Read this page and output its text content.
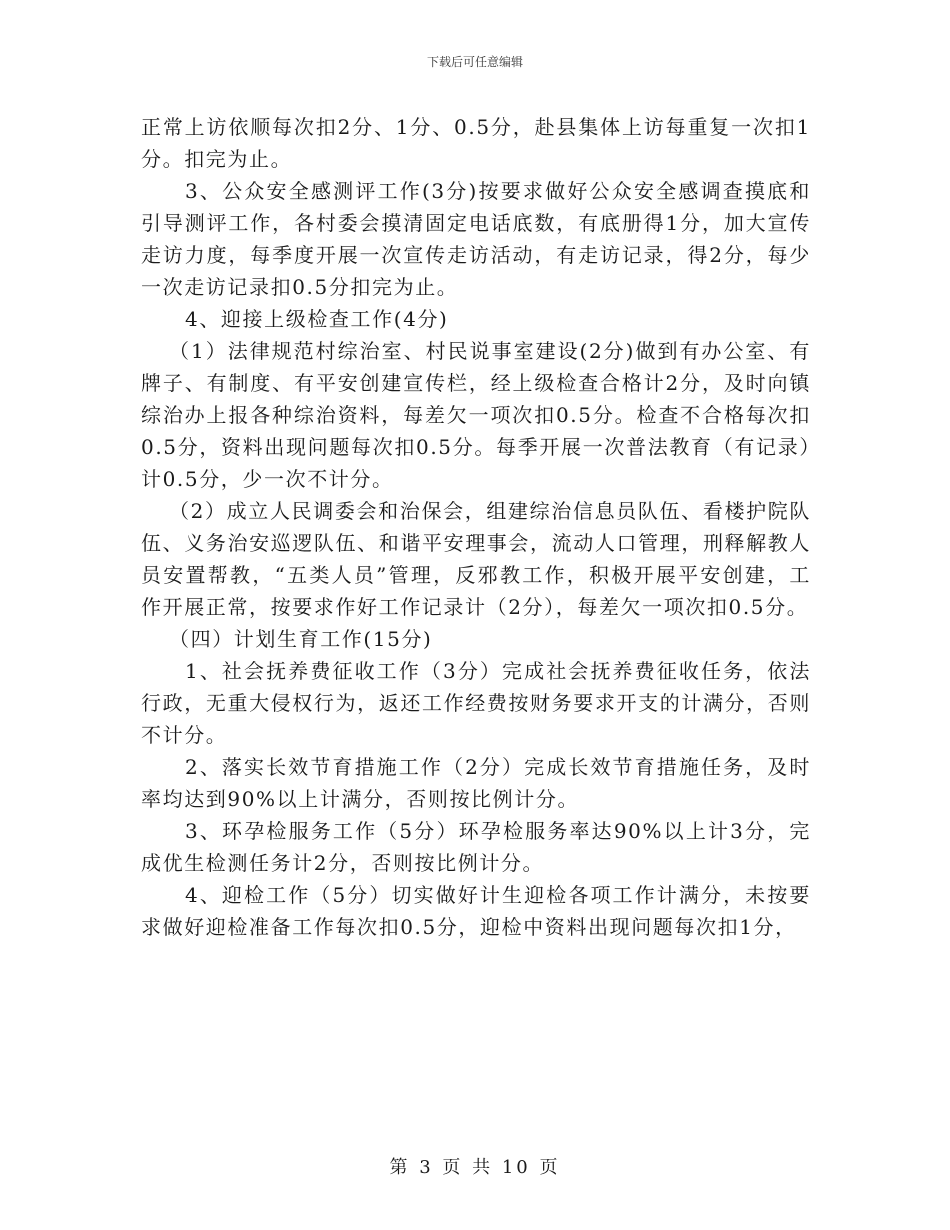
下载后可任意编辑

正常上访依顺每次扣2分、1分、0.5分，赴县集体上访每重复一次扣1分。扣完为止。

3、公众安全感测评工作(3分)按要求做好公众安全感调查摸底和引导测评工作，各村委会摸清固定电话底数，有底册得1分，加大宣传走访力度，每季度开展一次宣传走访活动，有走访记录，得2分，每少一次走访记录扣0.5分扣完为止。

4、迎接上级检查工作(4分)

（1）法律规范村综治室、村民说事室建设(2分)做到有办公室、有牌子、有制度、有平安创建宣传栏，经上级检查合格计2分，及时向镇综治办上报各种综治资料，每差欠一项次扣0.5分。检查不合格每次扣0.5分，资料出现问题每次扣0.5分。每季开展一次普法教育（有记录）计0.5分，少一次不计分。

（2）成立人民调委会和治保会，组建综治信息员队伍、看楼护院队伍、义务治安巡逻队伍、和谐平安理事会，流动人口管理，刑释解教人员安置帮教，“五类人员”管理，反邪教工作，积极开展平安创建，工作开展正常，按要求作好工作记录计（2分），每差欠一项次扣0.5分。

（四）计划生育工作(15分)

1、社会抚养费征收工作（3分）完成社会抚养费征收任务，依法行政，无重大侵权行为，返还工作经费按财务要求开支的计满分，否则不计分。

2、落实长效节育措施工作（2分）完成长效节育措施任务，及时率均达到90%以上计满分，否则按比例计分。

3、环孕检服务工作（5分）环孕检服务率达90%以上计3分，完成优生检测任务计2分，否则按比例计分。

4、迎检工作（5分）切实做好计生迎检各项工作计满分，未按要求做好迎检准备工作每次扣0.5分，迎检中资料出现问题每次扣1分，

第 3 页 共 10 页
